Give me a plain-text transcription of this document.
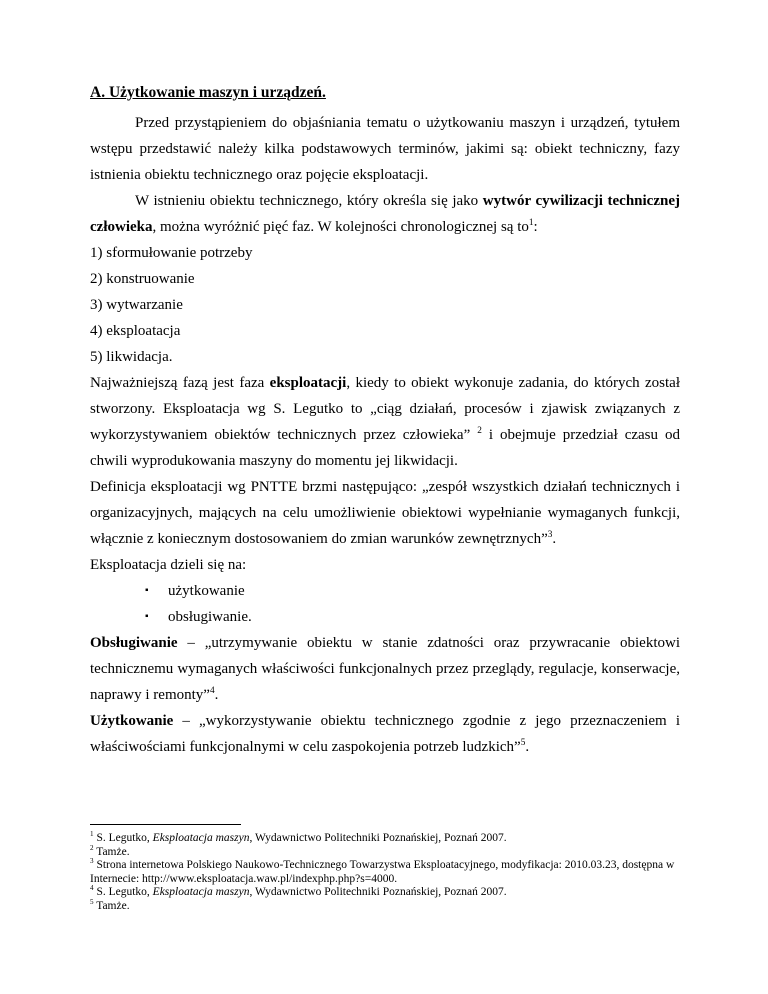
A. Użytkowanie maszyn i urządzeń.
Przed przystąpieniem do objaśniania tematu o użytkowaniu maszyn i urządzeń, tytułem wstępu przedstawić należy kilka podstawowych terminów, jakimi są: obiekt techniczny, fazy istnienia obiektu technicznego oraz pojęcie eksploatacji.
W istnieniu obiektu technicznego, który określa się jako wytwór cywilizacji technicznej człowieka, można wyróżnić pięć faz. W kolejności chronologicznej są $to^1$:
1) sformułowanie potrzeby
2) konstruowanie
3) wytwarzanie
4) eksploatacja
5) likwidacja.
Najważniejszą fazą jest faza eksploatacji, kiedy to obiekt wykonuje zadania, do których został stworzony. Eksploatacja wg S. Legutko to „ciąg działań, procesów i zjawisk związanych z wykorzystywaniem obiektów technicznych przez człowieka” $^2$ i obejmuje przedział czasu od chwili wyprodukowania maszyny do momentu jej likwidacji.
Definicja eksploatacji wg PNTTE brzmi następująco: „zespół wszystkich działań technicznych i organizacyjnych, mających na celu umożliwienie obiektowi wypełnianie wymaganych funkcji, włącznie z koniecznym dostosowaniem do zmian warunków zewnętrznych”$^3$.
Eksploatacja dzieli się na:
▪ użytkowanie
▪ obsługiwanie.
Obsługiwanie – „utrzymywanie obiektu w stanie zdatności oraz przywracanie obiektowi technicznemu wymaganych właściwości funkcjonalnych przez przeglądy, regulacje, konserwacje, naprawy i remonty”$^4$.
Użytkowanie – „wykorzystywanie obiektu technicznego zgodnie z jego przeznaczeniem i właściwościami funkcjonalnymi w celu zaspokojenia potrzeb ludzkich”$^5$.
$^1$ S. Legutko, Eksploatacja maszyn, Wydawnictwo Politechniki Poznańskiej, Poznań 2007.
$^2$ Tamże.
$^3$ Strona internetowa Polskiego Naukowo-Technicznego Towarzystwa Eksploatacyjnego, modyfikacja: 2010.03.23, dostępna w Internecie: http://www.eksploatacja.waw.pl/indexphp.php?s=4000.
$^4$ S. Legutko, Eksploatacja maszyn, Wydawnictwo Politechniki Poznańskiej, Poznań 2007.
$^5$ Tamże.
